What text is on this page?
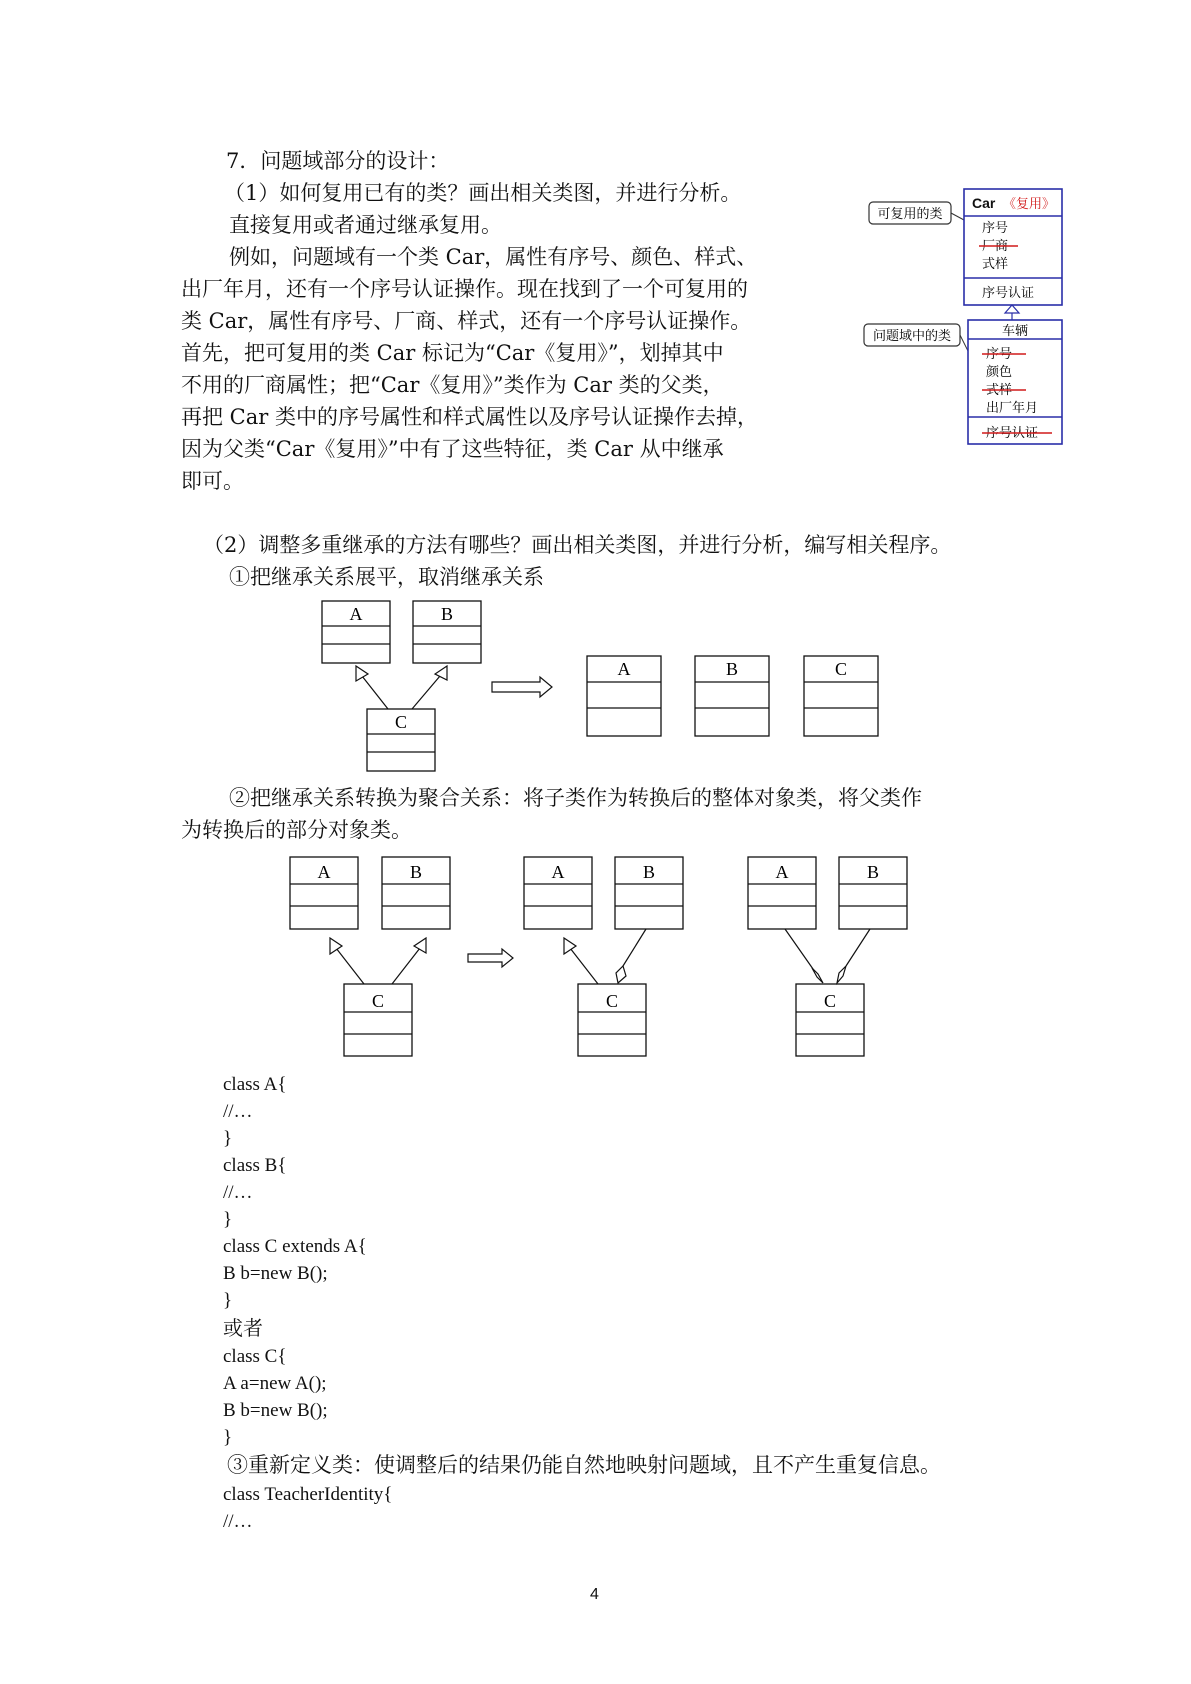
7．问题域部分的设计：
（1）如何复用已有的类？画出相关类图，并进行分析。
直接复用或者通过继承复用。
例如，问题域有一个类 Car，属性有序号、颜色、样式、
出厂年月，还有一个序号认证操作。现在找到了一个可复用的
类 Car，属性有序号、厂商、样式，还有一个序号认证操作。
首先，把可复用的类 Car 标记为“Car《复用》”，划掉其中
不用的厂商属性；把“Car《复用》”类作为 Car 类的父类，
再把 Car 类中的序号属性和样式属性以及序号认证操作去掉，
因为父类“Car《复用》”中有了这些特征，类 Car 从中继承
即可。
可复用的类
Car 《复用》
序号
厂商
式样
序号认证
问题域中的类	车辆
序号
颜色
式样
出厂年月
序号认证
（2）调整多重继承的方法有哪些？画出相关类图，并进行分析，编写相关程序。
①把继承关系展平，取消继承关系
A	B
C
A	B	C
②把继承关系转换为聚合关系：将子类作为转换后的整体对象类，将父类作
为转换后的部分对象类。
A	B
C
A	B
C
A	B
C
class A{
//…
}
class B{
//…
}
class C extends A{
B b=new B();
}
或者
class C{
A a=new A();
B b=new B();
}
③重新定义类：使调整后的结果仍能自然地映射问题域，且不产生重复信息。
class TeacherIdentity{
//…
4
